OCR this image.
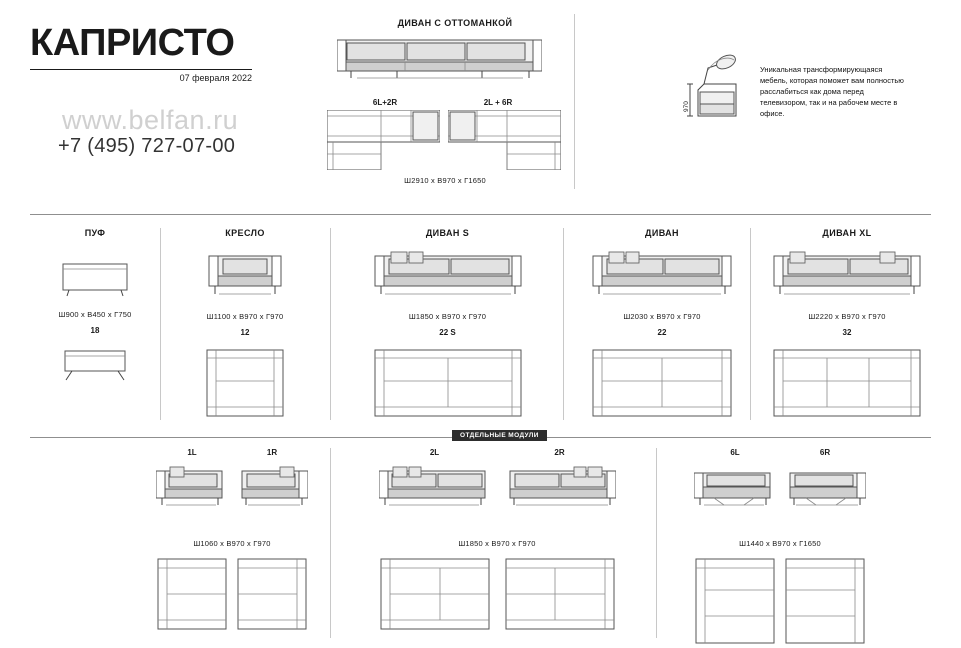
КАПРИСТО
07 февраля 2022
www.belfan.ru
+7 (495) 727-07-00
ДИВАН С ОТТОМАНКОЙ
6L+2R	2L + 6R
Ш2910 х В970 х Г1650
970
Уникальная трансформирующаяся мебель, которая поможет вам полностью расслабиться как дома перед телевизором, так и на рабочем месте в офисе.
ПУФ
Ш900 x В450 x Г750
18
КРЕСЛО
Ш1100 x В970 x Г970
12
ДИВАН S
Ш1850 x В970 x Г970
22 S
ДИВАН
Ш2030 x В970 x Г970
22
ДИВАН XL
Ш2220 x В970 x Г970
32
ОТДЕЛЬНЫЕ МОДУЛИ
1L	1R
Ш1060 x В970 x Г970
2L	2R
Ш1850 x В970 x Г970
6L	6R
Ш1440 x В970 x Г1650
